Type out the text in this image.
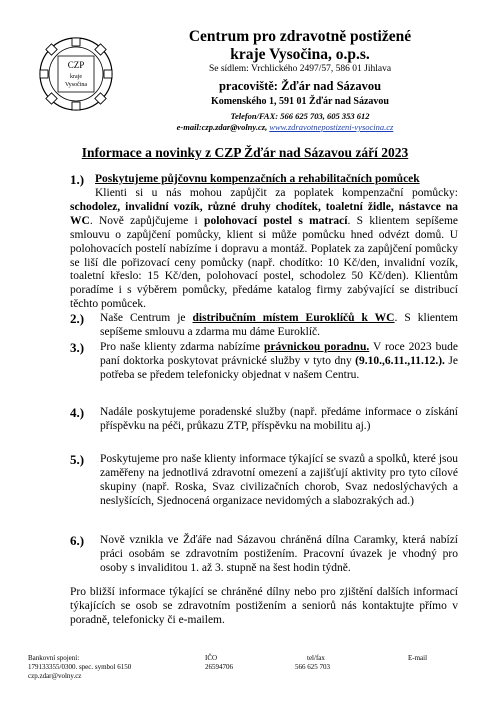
CZP
kraje
Vysočina
Centrum pro zdravotně postižené
kraje Vysočina, o.p.s.
Se sídlem: Vrchlického 2497/57, 586 01 Jihlava
pracoviště: Žďár nad Sázavou
Komenského 1, 591 01 Žďár nad Sázavou
Telefon/FAX: 566 625 703, 605 353 612
e-mail:czp.zdar@volny.cz, www.zdravotnepostizeni-vysocina.cz
Informace a novinky z CZP Žďár nad Sázavou září 2023
1.) Poskytujeme půjčovnu kompenzačních a rehabilitačních pomůcek
Klienti si u nás mohou zapůjčit za poplatek kompenzační pomůcky: schodolez, invalidní vozík, různé druhy chodítek, toaletní židle, nástavce na WC. Nově zapůjčujeme i polohovací postel s matrací. S klientem sepíšeme smlouvu o zapůjčení pomůcky, klient si může pomůcku hned odvézt domů. U polohovacích postelí nabízíme i dopravu a montáž. Poplatek za zapůjčení pomůcky se liší dle pořizovací ceny pomůcky (např. chodítko: 10 Kč/den, invalidní vozík, toaletní křeslo: 15 Kč/den, polohovací postel, schodolez 50 Kč/den). Klientům poradíme i s výběrem pomůcky, předáme katalog firmy zabývající se distribucí těchto pomůcek.
2.) Naše Centrum je distribučním místem Euroklíčů k WC. S klientem sepíšeme smlouvu a zdarma mu dáme Euroklíč.
3.) Pro naše klienty zdarma nabízíme právnickou poradnu. V roce 2023 bude paní doktorka poskytovat právnické služby v tyto dny (9.10.,6.11.,11.12.). Je potřeba se předem telefonicky objednat v našem Centru.
4.) Nadále poskytujeme poradenské služby (např. předáme informace o získání příspěvku na péči, průkazu ZTP, příspěvku na mobilitu aj.)
5.) Poskytujeme pro naše klienty informace týkající se svazů a spolků, které jsou zaměřeny na jednotlivá zdravotní omezení a zajišťují aktivity pro tyto cílové skupiny (např. Roska, Svaz civilizačních chorob, Svaz nedoslýchavých a neslyšících, Sjednocená organizace nevidomých a slabozrakých ad.)
6.) Nově vznikla ve Žďáře nad Sázavou chráněná dílna Caramky, která nabízí práci osobám se zdravotním postižením. Pracovní úvazek je vhodný pro osoby s invaliditou 1. až 3. stupně na šest hodin týdně.
Pro bližší informace týkající se chráněné dílny nebo pro zjištění dalších informací týkajících se osob se zdravotním postižením a seniorů nás kontaktujte přímo v poradně, telefonicky či e-mailem.
Bankovní spojení:
179133355/0300. spec. symbol 6150
czp.zdar@volny.cz
IČO
26594706
tel/fax
566 625 703
E-mail
